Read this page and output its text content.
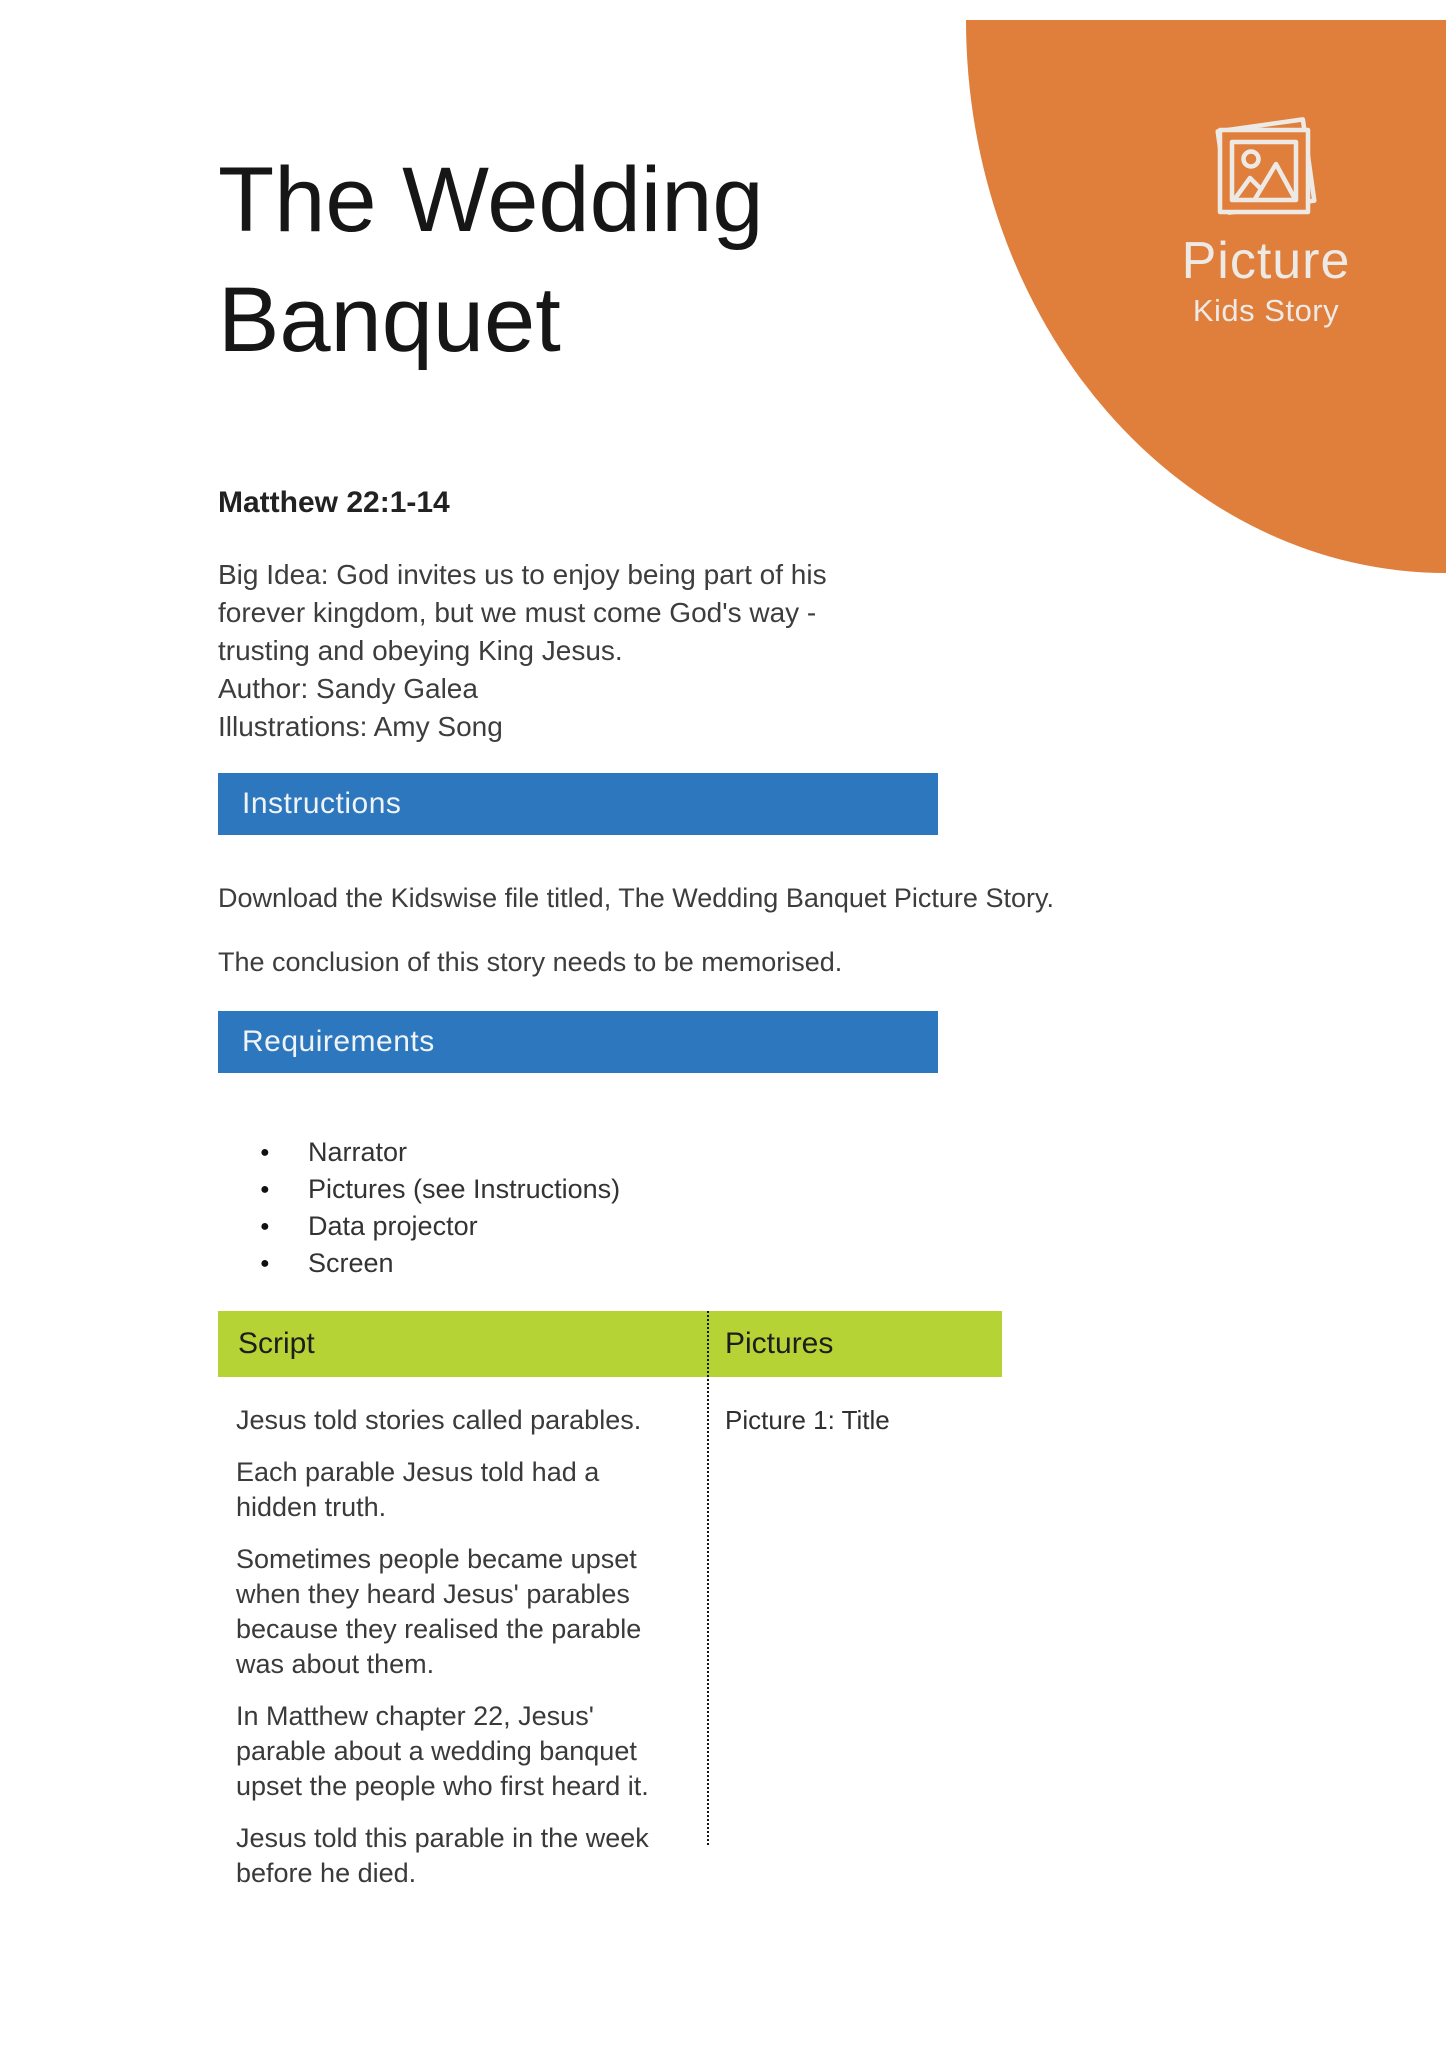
Picture
Kids Story
The Wedding Banquet
Matthew 22:1-14
Big Idea: God invites us to enjoy being part of his
forever kingdom, but we must come God's way -
trusting and obeying King Jesus.
Author: Sandy Galea
Illustrations: Amy Song
Instructions

Download the Kidswise file titled, The Wedding Banquet Picture Story.

The conclusion of this story needs to be memorised.

Requirements
● Narrator
● Pictures (see Instructions)
● Data projector
● Screen
Script	Pictures

Jesus told stories called parables.

Each parable Jesus told had a hidden truth.

Sometimes people became upset when they heard Jesus' parables because they realised the parable was about them.

In Matthew chapter 22, Jesus' parable about a wedding banquet upset the people who first heard it.

Jesus told this parable in the week before he died.

Picture 1: Title
